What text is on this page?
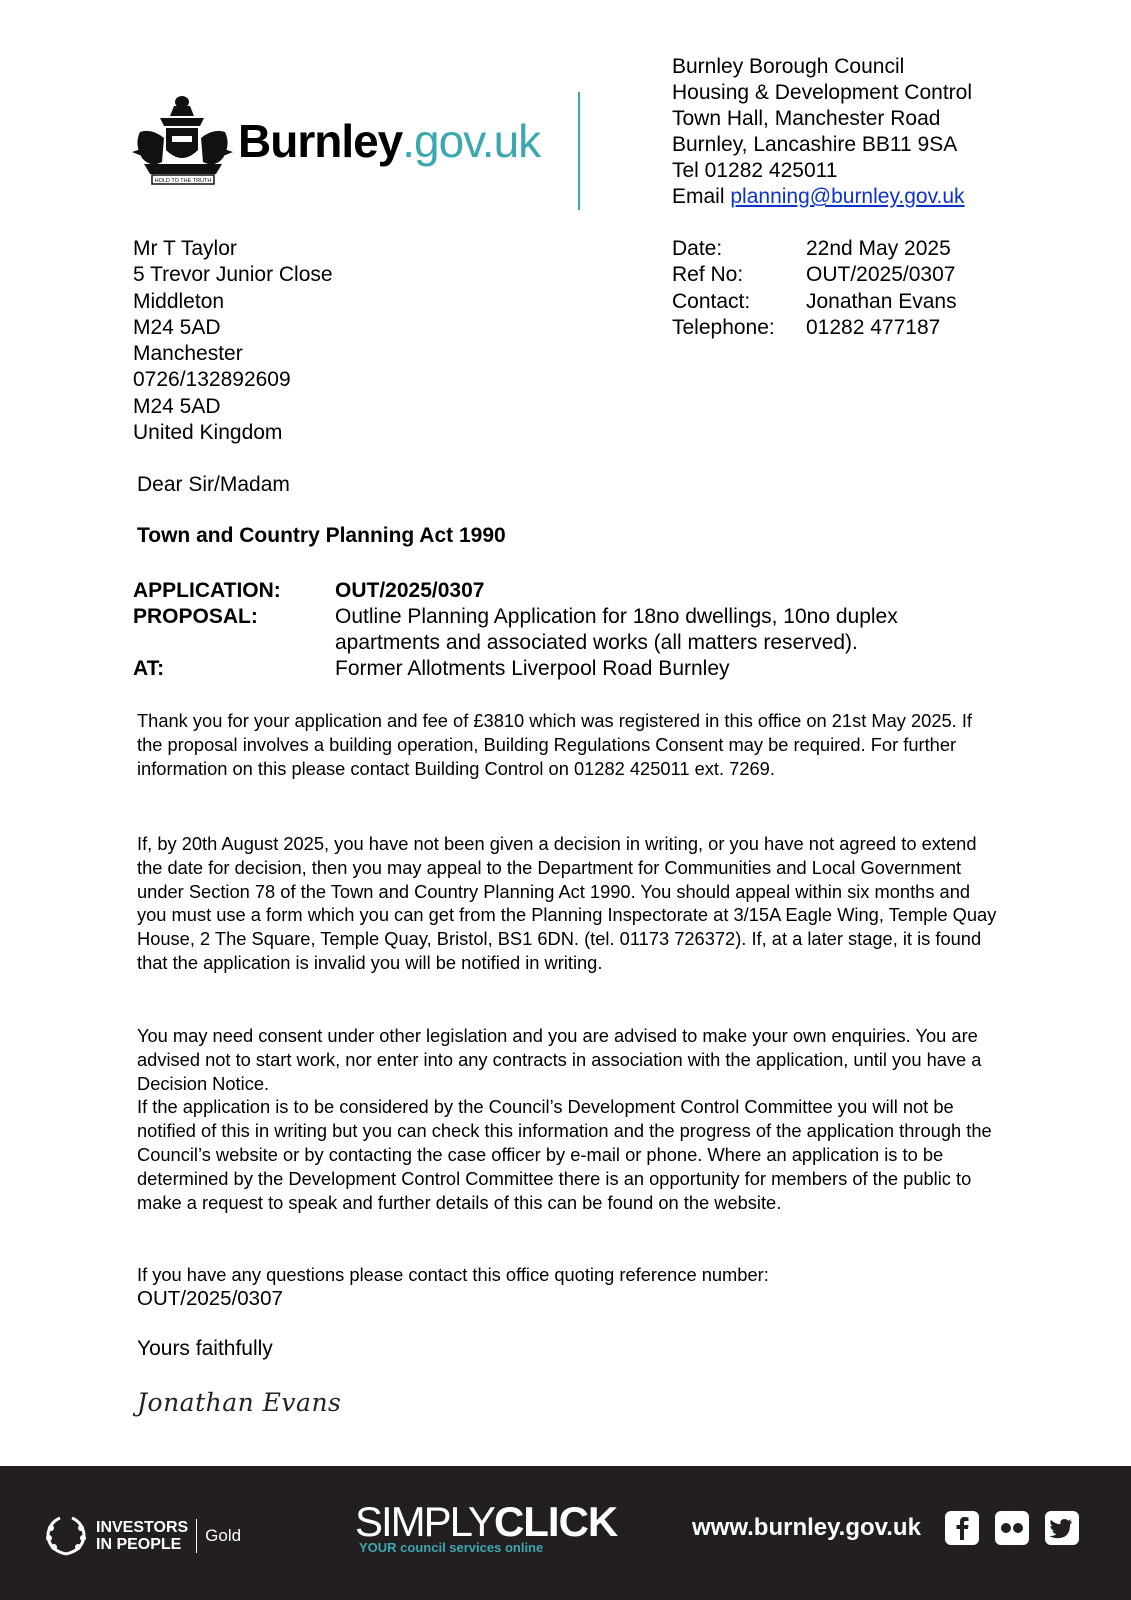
HOLD TO THE TRUTH
Burnley.gov.uk
Burnley Borough Council
Housing & Development Control
Town Hall, Manchester Road
Burnley, Lancashire BB11 9SA
Tel 01282 425011
Email planning@burnley.gov.uk
Mr T Taylor
5 Trevor Junior Close
Middleton
M24 5AD
Manchester
0726/132892609
M24 5AD
United Kingdom
Date:	22nd May 2025
Ref No:	OUT/2025/0307
Contact:	Jonathan Evans
Telephone:	01282 477187
Dear Sir/Madam
Town and Country Planning Act 1990
APPLICATION:	OUT/2025/0307
PROPOSAL:	Outline Planning Application for 18no dwellings, 10no duplex apartments and associated works (all matters reserved).
AT:	Former Allotments Liverpool Road Burnley
Thank you for your application and fee of £3810 which was registered in this office on 21st May 2025. If the proposal involves a building operation, Building Regulations Consent may be required. For further information on this please contact Building Control on 01282 425011 ext. 7269.
If, by 20th August 2025, you have not been given a decision in writing, or you have not agreed to extend the date for decision, then you may appeal to the Department for Communities and Local Government under Section 78 of the Town and Country Planning Act 1990. You should appeal within six months and you must use a form which you can get from the Planning Inspectorate at 3/15A Eagle Wing, Temple Quay House, 2 The Square, Temple Quay, Bristol, BS1 6DN. (tel. 01173 726372). If, at a later stage, it is found that the application is invalid you will be notified in writing.
You may need consent under other legislation and you are advised to make your own enquiries. You are advised not to start work, nor enter into any contracts in association with the application, until you have a Decision Notice.
If the application is to be considered by the Council’s Development Control Committee you will not be notified of this in writing but you can check this information and the progress of the application through the Council’s website or by contacting the case officer by e-mail or phone. Where an application is to be determined by the Development Control Committee there is an opportunity for members of the public to make a request to speak and further details of this can be found on the website.
If you have any questions please contact this office quoting reference number:
OUT/2025/0307
Yours faithfully
Jonathan Evans
INVESTORS
IN PEOPLE	Gold	SIMPLYCLICK
YOUR council services online
www.burnley.gov.uk
